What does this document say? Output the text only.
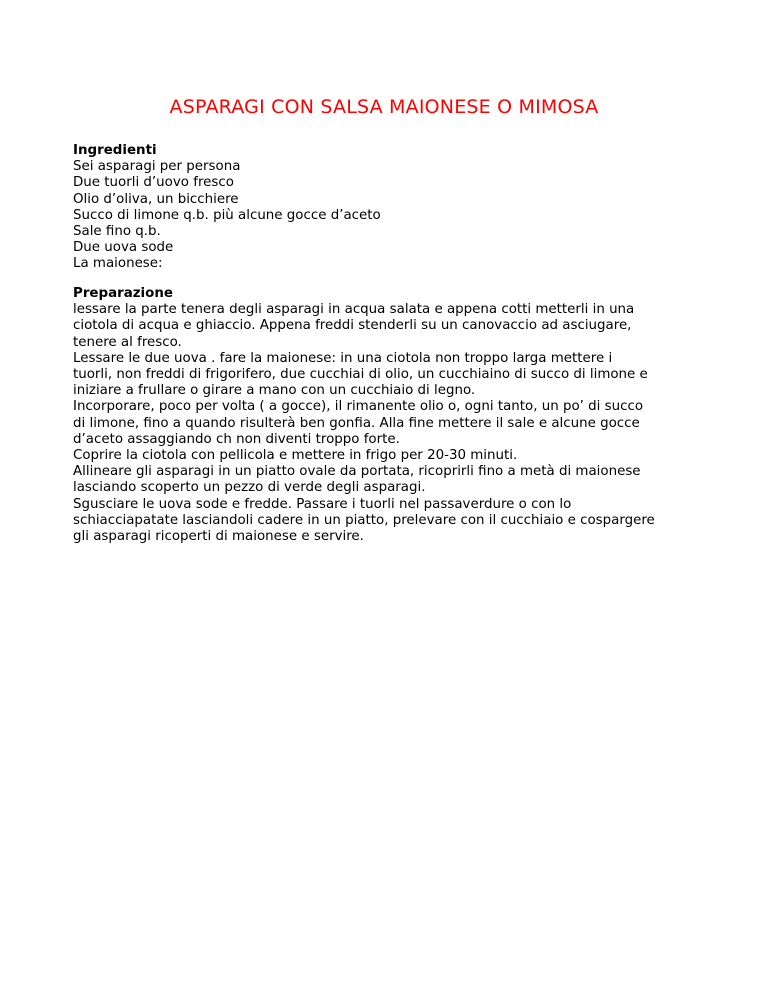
ASPARAGI CON SALSA MAIONESE O MIMOSA
Ingredienti
Sei asparagi per persona
Due tuorli d’uovo fresco
Olio d’oliva, un bicchiere
Succo di limone q.b. più alcune gocce d’aceto
Sale fino q.b.
Due uova sode
La maionese:
Preparazione
lessare la parte tenera degli asparagi in acqua salata e appena cotti metterli in una
ciotola di acqua e ghiaccio. Appena freddi stenderli su un canovaccio ad asciugare,
tenere al fresco.
Lessare le due uova . fare la maionese: in una ciotola non troppo larga mettere i
tuorli, non freddi di frigorifero, due cucchiai di olio, un cucchiaino di succo di limone e
iniziare a frullare o girare a mano con un cucchiaio di legno.
Incorporare, poco per volta ( a gocce), il rimanente olio o, ogni tanto, un po’ di succo
di limone, fino a quando risulterà ben gonfia. Alla fine mettere il sale e alcune gocce
d’aceto assaggiando ch non diventi troppo forte.
Coprire la ciotola con pellicola e mettere in frigo per 20-30 minuti.
Allineare gli asparagi in un piatto ovale da portata, ricoprirli fino a metà di maionese
lasciando scoperto un pezzo di verde degli asparagi.
Sgusciare le uova sode e fredde. Passare i tuorli nel passaverdure o con lo
schiacciapatate lasciandoli cadere in un piatto, prelevare con il cucchiaio e cospargere
gli asparagi ricoperti di maionese e servire.
